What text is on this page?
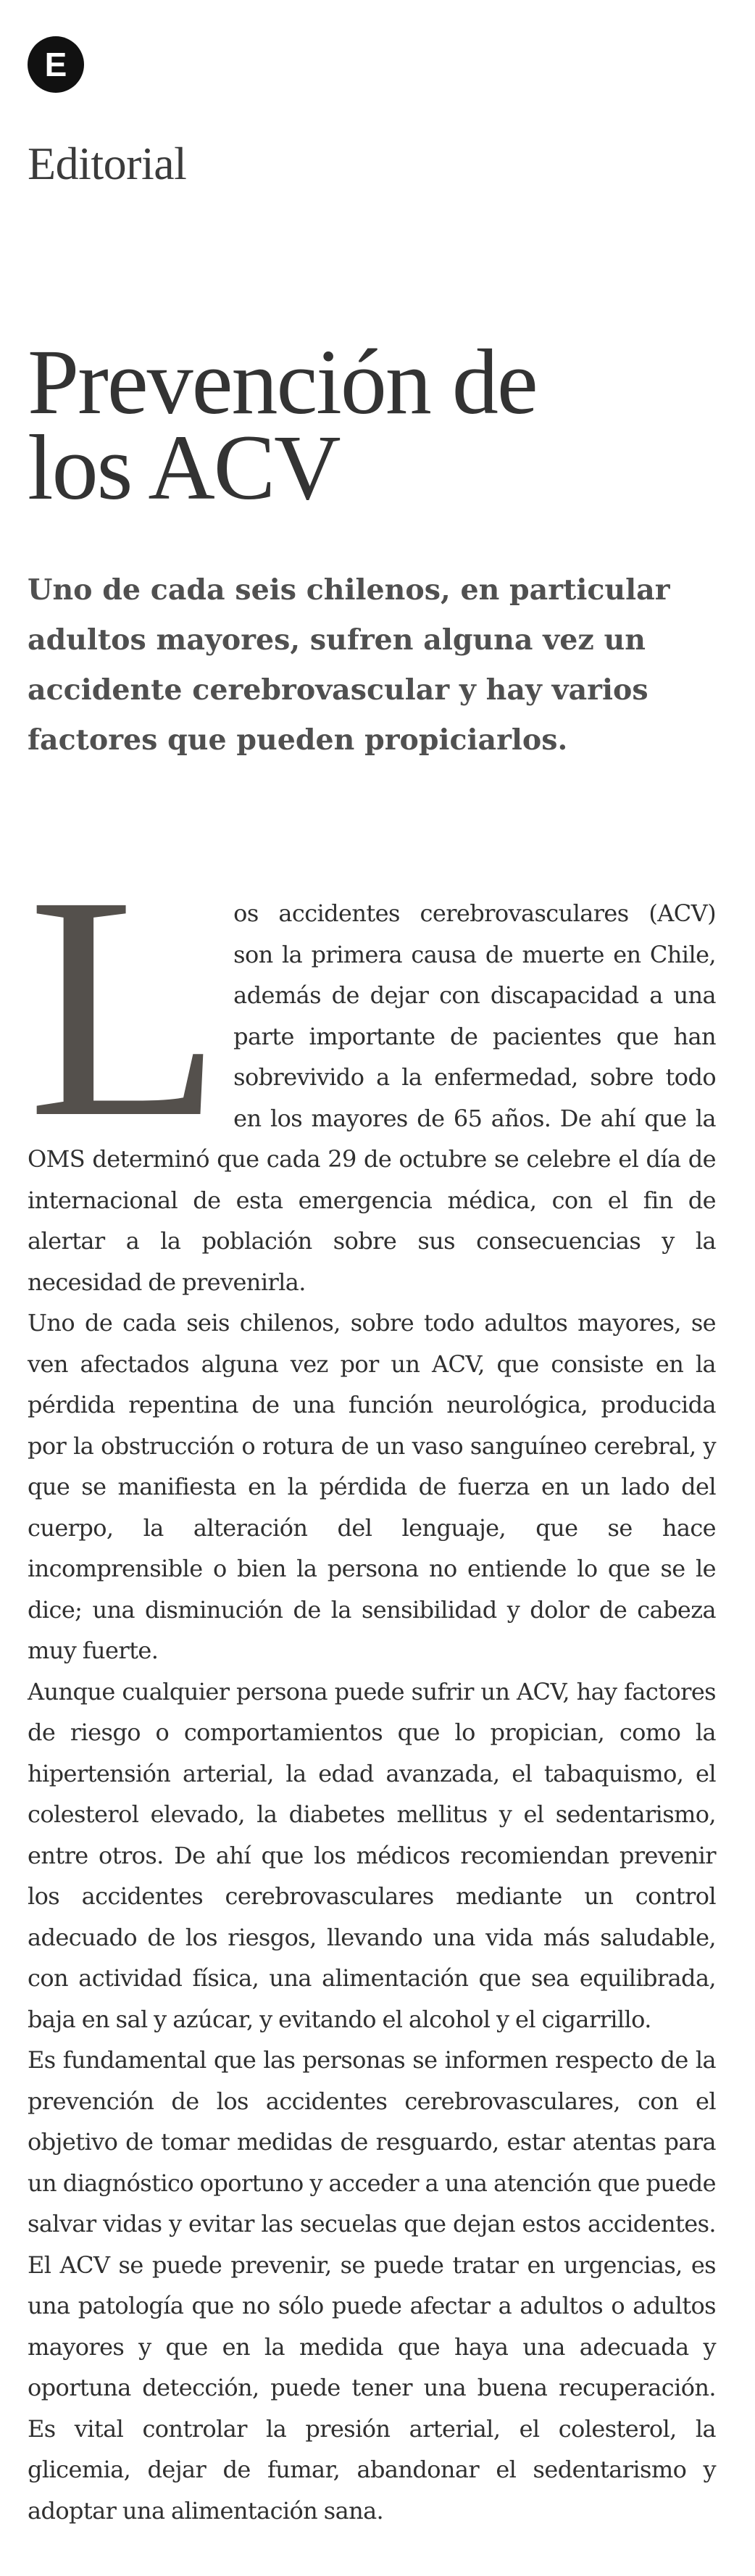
E
Editorial
Prevención de los ACV

Uno de cada seis chilenos, en particular adultos mayores, sufren alguna vez un accidente cerebrovascular y hay varios factores que pueden propiciarlos.

Los accidentes cerebrovasculares (ACV) son la primera causa de muerte en Chile, además de dejar con discapacidad a una parte importante de pacientes que han sobrevivido a la enfermedad, sobre todo en los mayores de 65 años. De ahí que la OMS determinó que cada 29 de octubre se celebre el día de internacional de esta emergencia médica, con el fin de alertar a la población sobre sus consecuencias y la necesidad de prevenirla.

Uno de cada seis chilenos, sobre todo adultos mayores, se ven afectados alguna vez por un ACV, que consiste en la pérdida repentina de una función neurológica, producida por la obstrucción o rotura de un vaso sanguíneo cerebral, y que se manifiesta en la pérdida de fuerza en un lado del cuerpo, la alteración del lenguaje, que se hace incomprensible o bien la persona no entiende lo que se le dice; una disminución de la sensibilidad y dolor de cabeza muy fuerte.

Aunque cualquier persona puede sufrir un ACV, hay factores de riesgo o comportamientos que lo propician, como la hipertensión arterial, la edad avanzada, el tabaquismo, el colesterol elevado, la diabetes mellitus y el sedentarismo, entre otros. De ahí que los médicos recomiendan prevenir los accidentes cerebrovasculares mediante un control adecuado de los riesgos, llevando una vida más saludable, con actividad física, una alimentación que sea equilibrada, baja en sal y azúcar, y evitando el alcohol y el cigarrillo.

Es fundamental que las personas se informen respecto de la prevención de los accidentes cerebrovasculares, con el objetivo de tomar medidas de resguardo, estar atentas para un diagnóstico oportuno y acceder a una atención que puede salvar vidas y evitar las secuelas que dejan estos accidentes. El ACV se puede prevenir, se puede tratar en urgencias, es una patología que no sólo puede afectar a adultos o adultos mayores y que en la medida que haya una adecuada y oportuna detección, puede tener una buena recuperación. Es vital controlar la presión arterial, el colesterol, la glicemia, dejar de fumar, abandonar el sedentarismo y adoptar una alimentación sana.
